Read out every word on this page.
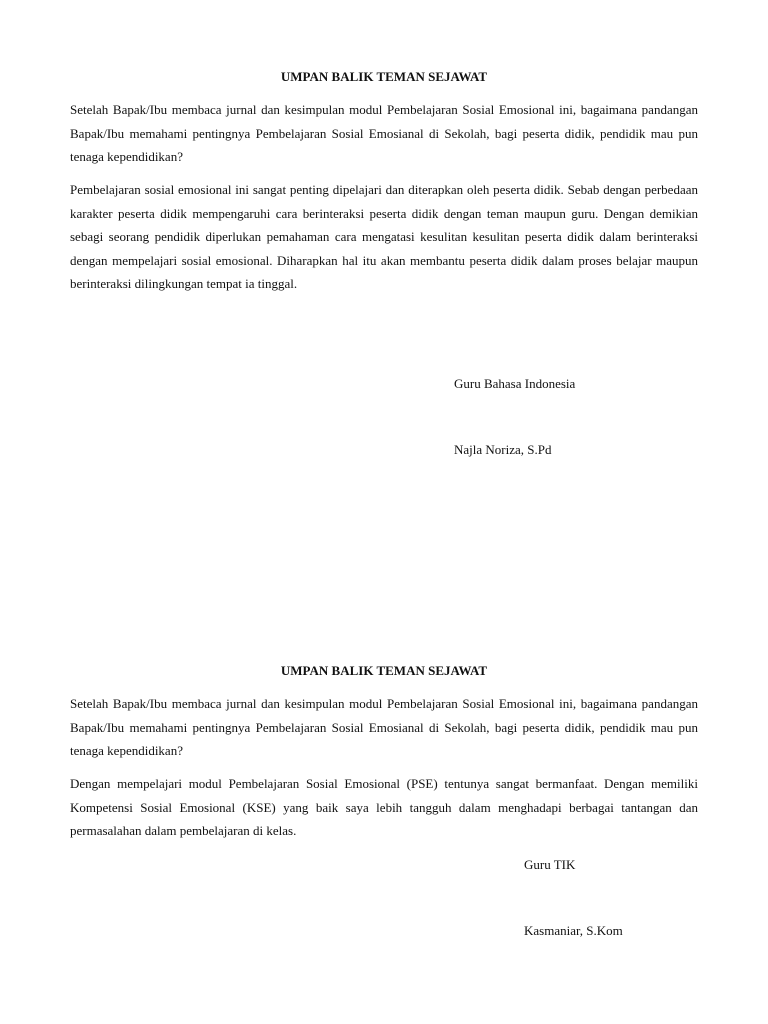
UMPAN BALIK TEMAN SEJAWAT

Setelah Bapak/Ibu membaca jurnal dan kesimpulan modul Pembelajaran Sosial Emosional ini, bagaimana pandangan Bapak/Ibu memahami pentingnya Pembelajaran Sosial Emosianal di Sekolah, bagi peserta didik, pendidik mau pun tenaga kependidikan?

Pembelajaran sosial emosional ini sangat penting dipelajari dan diterapkan oleh peserta didik. Sebab dengan perbedaan karakter peserta didik mempengaruhi cara berinteraksi peserta didik dengan teman maupun guru. Dengan demikian sebagi seorang pendidik diperlukan pemahaman cara mengatasi kesulitan kesulitan peserta didik dalam berinteraksi dengan mempelajari sosial emosional. Diharapkan hal itu akan membantu peserta didik dalam proses belajar maupun berinteraksi dilingkungan tempat ia tinggal.

Guru Bahasa Indonesia

Najla Noriza, S.Pd

UMPAN BALIK TEMAN SEJAWAT

Setelah Bapak/Ibu membaca jurnal dan kesimpulan modul Pembelajaran Sosial Emosional ini, bagaimana pandangan Bapak/Ibu memahami pentingnya Pembelajaran Sosial Emosianal di Sekolah, bagi peserta didik, pendidik mau pun tenaga kependidikan?

Dengan mempelajari modul Pembelajaran Sosial Emosional (PSE) tentunya sangat bermanfaat. Dengan memiliki Kompetensi Sosial Emosional (KSE) yang baik saya lebih tangguh dalam menghadapi berbagai tantangan dan permasalahan dalam pembelajaran di kelas.

Guru TIK

Kasmaniar, S.Kom
